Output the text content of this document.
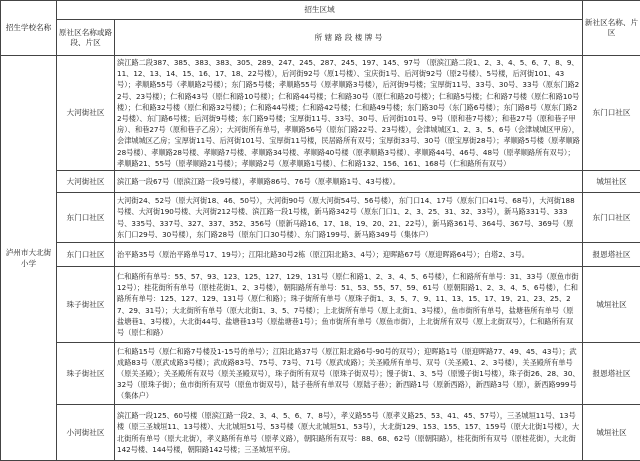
招生学校名称	招生区域		新社区名称、片区
	原社区名称或路段、片区	所 辖 路 段 楼 牌 号	
泸州市大北街小学	大河街社区	滨江路二段387、385、383、383、305、289、247、245、287、245、197、145、97号 （原滨江路二段1、2、3、4、5、6、7、8、9、11、12、13、14、15、16、17、18、22号楼），后河街92号（原1号楼）、宝庆街1号、后河街92号（原2号楼）、5号楼，后河街101、43号）；孝顺路55号（孝顺路2号楼）；东门路5号楼；孝顺路55号（原孝顺路3号楼），后河街9号楼；宝厚街11号、33号、30号、33号（原东门路22号、23号楼）；仁和路43号（原仁和路10号楼）；仁和路44号楼；仁和路30号（原仁和路20号楼）；仁和路5号楼；仁和路7号楼（原仁和路10号楼）；仁和路32号楼（原仁和路32号楼）；仁和路44号楼；仁和路42号楼；仁和路49号楼；东门路30号（东门路6号楼）；东门路8号（原东门路22号楼）、东门路6号楼；后河街9号楼；东门路9号楼；宝厚街11号、33号、30号、后河街101号、9号（原和巷7号楼）；和巷27号（原和巷子甲房）、和巷27号（原和巷子乙房）；大河街所有单号，孝顺路56号（原东门路22号、23号楼），会津城城区1、2、3、5、6号（会津城城区甲房），会津城城区乙房；宝厚街11号、后河街101号、宝厚街11号楼，民居路所有双号；宝厚街33号、30号（原宝厚街28号）；孝顺路5号楼（原孝顺路28号楼）、孝顺路28号楼、孝顺路7号楼、孝顺路34号楼、孝顺路40号楼（原孝顺路3号楼）、孝顺路44号、46号、48号（原孝顺路所有双号）；孝顺路21、55号（原孝顺路21号楼）；孝顺路2号（原孝顺路1号楼）、仁和路132、156、161、168号（仁和路所有双号）	东门口社区
	大河街社区	滨江路一段67号（原滨江路一段9号楼），孝顺路86号、76号（原孝顺路1号、43号楼）。	城垣社区
	东门口社区	大河街24、52号（原大河街18、46、50号），大河街90号（原大河街54号、56号楼），东门口14、17号（原东门口41号、68号），大河街188号楼、大河街190号楼、大河街212号楼、滨江路一段1号楼，新马路342号（原东门口1、2、3、25、31、32、33号），新马路331号、333号、335号、337号、327、337、352、356号（原新马路16、17、18、19、20、21、22号），新马路361号、364号、367号、369号（原东门口29号、30号楼），东门路28号（原东门口30号楼）、东门路199号、新马路349号（集体户）	东门口社区
	东门口社区	治平路35号（原治平路单号17、19号）；江阳北路30号2栋（原江阳北路3、4号）；迎晖路67号（原迎晖路64号）；白塔2、3号。	报恩塔社区
	珠子街社区	仁和路所有单号：55、57、93、123、125、127、129、131号（原仁和路1、2、3、4、5、6号楼），仁和路所有单号：31、33号（原鱼市街12号）；桂花街所有单号（原桂花街1、2、3号楼），朝阳路所有单号：51、53、55、57、59、61号（原朝阳路1、2、3、4、5、6号楼），仁和路所有单号：125、127、129、131号（原仁和路）；珠子街所有单号（原珠子街1、3、5、7、9、11、13、15、17、19、21、23、25、27、29、31号）；大北街所有单号（原大北街1、3、5、7号楼）；上北街所有单号（原上北街1、3号楼），鱼市街所有单号，盐塘巷所有单号（原盐塘巷1、3号楼），大北街44号、盐塘巷13号（原盐塘巷1号）；鱼市街所有单号（原鱼市街），上北街所有双号（原上北街双号），仁和路所有双号（原仁和路）	城垣社区
	珠子街社区	仁和路15号（原仁和路7号楼及1-15号的单号）；江阳北路37号（原江阳北路6号-90号的双号）；迎晖路1号（原迎晖路77、49、45、43号）；武成路83号（原武成路3号楼）；武成路83号、75号、73号、71号（原武成路）；关圣殿所有单号、双号（关圣殿1、2、3号楼），关圣殿所有单号（原关圣殿）；关圣殿所有双号（原关圣殿双号），珠子街所有双号（原珠子街双号）；馒子街1、3、5号（原馒子街1号楼），珠子街26、28、30、32号（原珠子街）；鱼市街所有双号（原鱼市街双号），陆子巷所有单双号（原陆子巷）；新西路1号（原新西路），新西路3号（原），新西路999号（集体户）	报恩塔社区
	小河街社区	滨江路一段125、60号楼（原滨江路一段2、3、4、5、6、7、8号），孝义路55号（原孝义路25、53、41、45、57号），三圣城垣11号、13号楼（原三圣城垣11、13号楼）、大北城垣51号、53号楼（原大北城垣51、53号），大北街129、153、155、157、159号（原大北街1号楼），大北街所有单号（原大北街），孝义路所有单号（原孝义路），朝阳路所有双号：88、68、62号（原朝阳路），桂花街所有双号（原桂花街），大北街142号楼、144号楼，朝阳路142号楼；三圣城垣平房。	城垣社区
